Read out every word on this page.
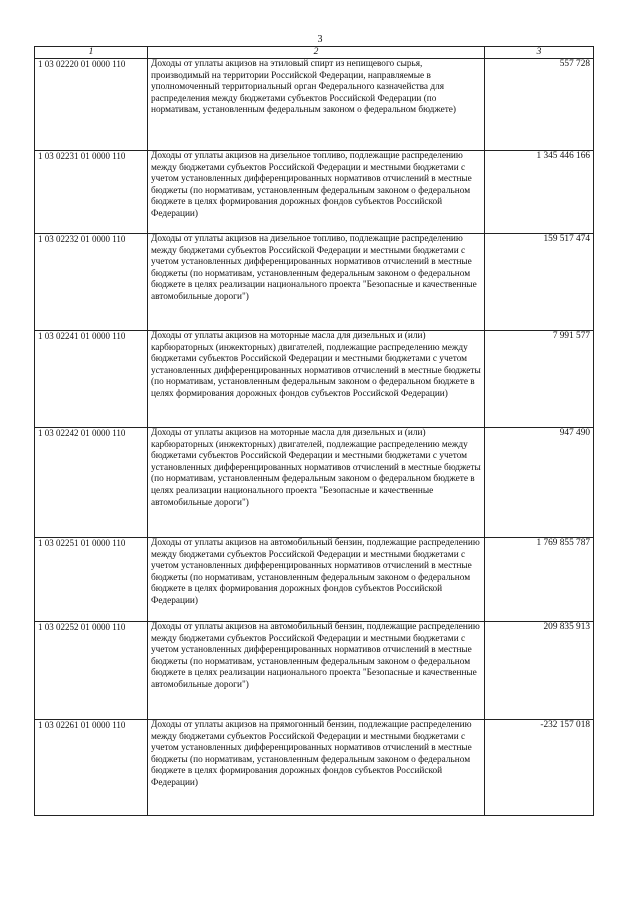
3
1	2	3
1 03 02220 01 0000 110	Доходы от уплаты акцизов на этиловый спирт из непищевого сырья, производимый на территории Российской Федерации, направляемые в уполномоченный территориальный орган Федерального казначейства для распределения между бюджетами субъектов Российской Федерации (по нормативам, установленным федеральным законом о федеральном бюджете)	557 728
1 03 02231 01 0000 110	Доходы от уплаты акцизов на дизельное топливо, подлежащие распределению между бюджетами субъектов Российской Федерации и местными бюджетами с учетом установленных дифференцированных нормативов отчислений в местные бюджеты (по нормативам, установленным федеральным законом о федеральном бюджете в целях формирования дорожных фондов субъектов Российской Федерации)	1 345 446 166
1 03 02232 01 0000 110	Доходы от уплаты акцизов на дизельное топливо, подлежащие распределению между бюджетами субъектов Российской Федерации и местными бюджетами с учетом установленных дифференцированных нормативов отчислений в местные бюджеты (по нормативам, установленным федеральным законом о федеральном бюджете в целях реализации национального проекта "Безопасные и качественные автомобильные дороги")	159 517 474
1 03 02241 01 0000 110	Доходы от уплаты акцизов на моторные масла для дизельных и (или) карбюраторных (инжекторных) двигателей, подлежащие распределению между бюджетами субъектов Российской Федерации и местными бюджетами с учетом установленных дифференцированных нормативов отчислений в местные бюджеты (по нормативам, установленным федеральным законом о федеральном бюджете в целях формирования дорожных фондов субъектов Российской Федерации)	7 991 577
1 03 02242 01 0000 110	Доходы от уплаты акцизов на моторные масла для дизельных и (или) карбюраторных (инжекторных) двигателей, подлежащие распределению между бюджетами субъектов Российской Федерации и местными бюджетами с учетом установленных дифференцированных нормативов отчислений в местные бюджеты (по нормативам, установленным федеральным законом о федеральном бюджете в целях реализации национального проекта "Безопасные и качественные автомобильные дороги")	947 490
1 03 02251 01 0000 110	Доходы от уплаты акцизов на автомобильный бензин, подлежащие распределению между бюджетами субъектов Российской Федерации и местными бюджетами с учетом установленных дифференцированных нормативов отчислений в местные бюджеты (по нормативам, установленным федеральным законом о федеральном бюджете в целях формирования дорожных фондов субъектов Российской Федерации)	1 769 855 787
1 03 02252 01 0000 110	Доходы от уплаты акцизов на автомобильный бензин, подлежащие распределению между бюджетами субъектов Российской Федерации и местными бюджетами с учетом установленных дифференцированных нормативов отчислений в местные бюджеты (по нормативам, установленным федеральным законом о федеральном бюджете в целях реализации национального проекта "Безопасные и качественные автомобильные дороги")	209 835 913
1 03 02261 01 0000 110	Доходы от уплаты акцизов на прямогонный бензин, подлежащие распределению между бюджетами субъектов Российской Федерации и местными бюджетами с учетом установленных дифференцированных нормативов отчислений в местные бюджеты (по нормативам, установленным федеральным законом о федеральном бюджете в целях формирования дорожных фондов субъектов Российской Федерации)	-232 157 018
